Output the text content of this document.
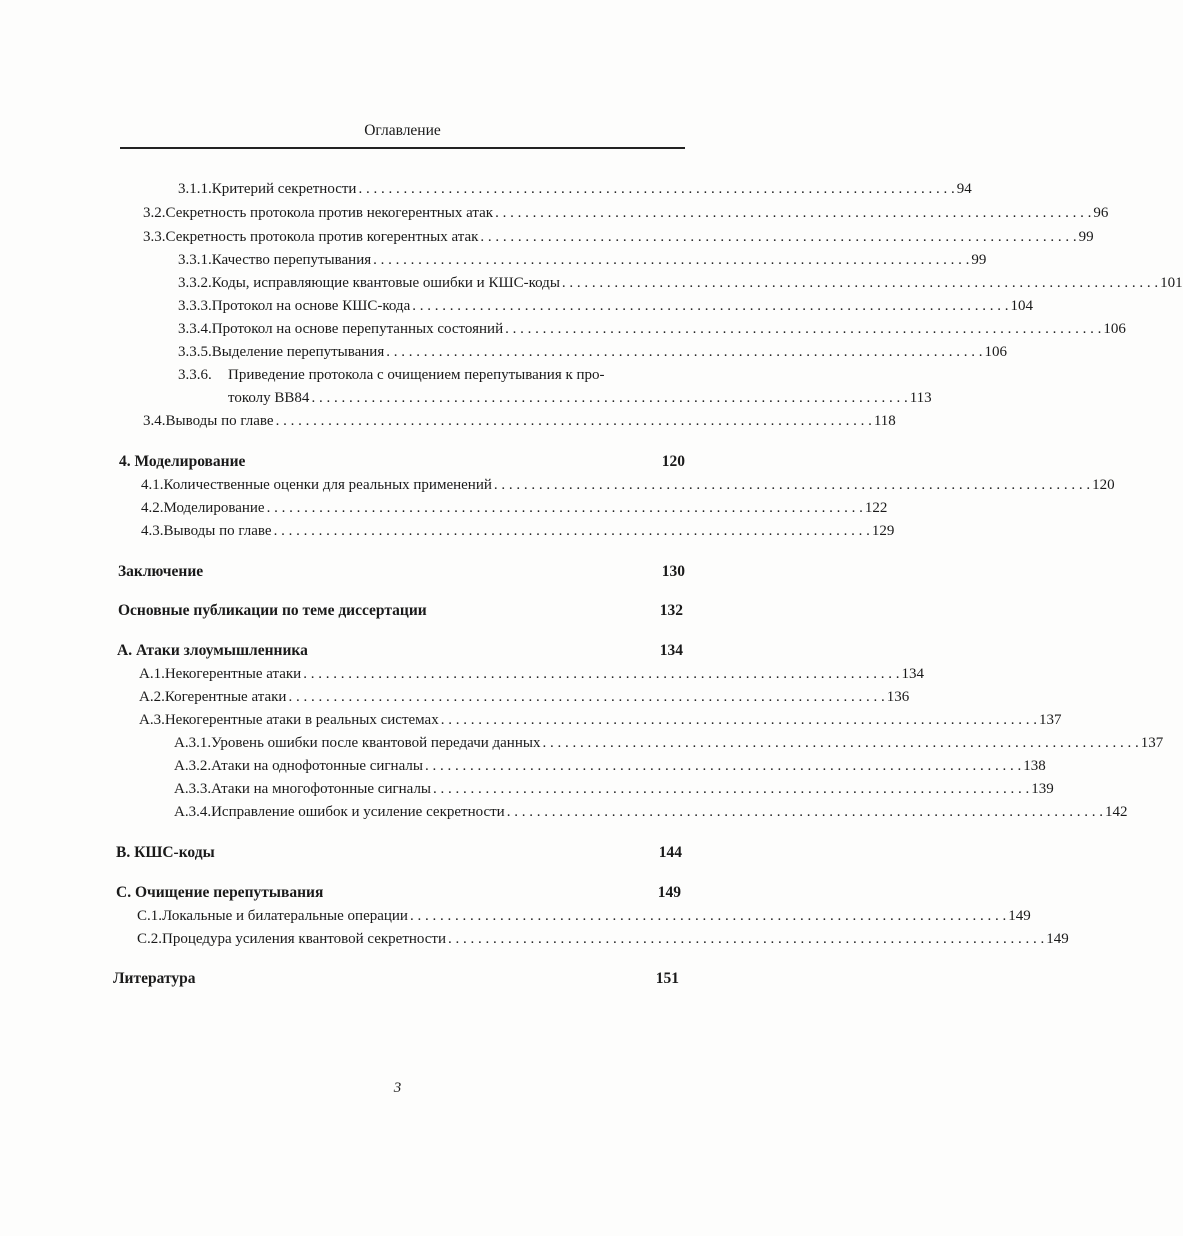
Оглавление
3.1.1. Критерий секретности . . . . . . . . . . . . . . . . . . . . . . . . . . . . . . . . . . . . . . . . . . . . . . . . . . . . . . . . . . . . . . . . . . . . . . . . . . . . . . . . 94
3.2. Секретность протокола против некогерентных атак . . . . . . . . . . . . . . . . . . . . . . . . . . . . . . . . . . . . . . . . . . . . . . . . . . . . . . . . . . . . . . . . . . . . . . . . . . . . . . . . 96
3.3. Секретность протокола против когерентных атак . . . . . . . . . . . . . . . . . . . . . . . . . . . . . . . . . . . . . . . . . . . . . . . . . . . . . . . . . . . . . . . . . . . . . . . . . . . . . . . . 99
3.3.1. Качество перепутывания . . . . . . . . . . . . . . . . . . . . . . . . . . . . . . . . . . . . . . . . . . . . . . . . . . . . . . . . . . . . . . . . . . . . . . . . . . . . . . . . 99
3.3.2. Коды, исправляющие квантовые ошибки и КШС-коды . . . . . . . . . . . . . . . . . . . . . . . . . . . . . . . . . . . . . . . . . . . . . . . . . . . . . . . . . . . . . . . . . . . . . . . . . . . . . . . . 101
3.3.3. Протокол на основе КШС-кода . . . . . . . . . . . . . . . . . . . . . . . . . . . . . . . . . . . . . . . . . . . . . . . . . . . . . . . . . . . . . . . . . . . . . . . . . . . . . . . . 104
3.3.4. Протокол на основе перепутанных состояний . . . . . . . . . . . . . . . . . . . . . . . . . . . . . . . . . . . . . . . . . . . . . . . . . . . . . . . . . . . . . . . . . . . . . . . . . . . . . . . . 106
3.3.5. Выделение перепутывания . . . . . . . . . . . . . . . . . . . . . . . . . . . . . . . . . . . . . . . . . . . . . . . . . . . . . . . . . . . . . . . . . . . . . . . . . . . . . . . . 106
3.3.6.	Приведение протокола с очищением перепутывания к про-
токолу BB84 . . . . . . . . . . . . . . . . . . . . . . . . . . . . . . . . . . . . . . . . . . . . . . . . . . . . . . . . . . . . . . . . . . . . . . . . . . . . . . . . 113
3.4. Выводы по главе . . . . . . . . . . . . . . . . . . . . . . . . . . . . . . . . . . . . . . . . . . . . . . . . . . . . . . . . . . . . . . . . . . . . . . . . . . . . . . . . 118
4. Моделирование	120
4.1. Количественные оценки для реальных применений . . . . . . . . . . . . . . . . . . . . . . . . . . . . . . . . . . . . . . . . . . . . . . . . . . . . . . . . . . . . . . . . . . . . . . . . . . . . . . . . 120
4.2. Моделирование . . . . . . . . . . . . . . . . . . . . . . . . . . . . . . . . . . . . . . . . . . . . . . . . . . . . . . . . . . . . . . . . . . . . . . . . . . . . . . . . 122
4.3. Выводы по главе . . . . . . . . . . . . . . . . . . . . . . . . . . . . . . . . . . . . . . . . . . . . . . . . . . . . . . . . . . . . . . . . . . . . . . . . . . . . . . . . 129
Заключение	130
Основные публикации по теме диссертации	132
A. Атаки злоумышленника	134
A.1. Некогерентные атаки . . . . . . . . . . . . . . . . . . . . . . . . . . . . . . . . . . . . . . . . . . . . . . . . . . . . . . . . . . . . . . . . . . . . . . . . . . . . . . . . 134
A.2. Когерентные атаки . . . . . . . . . . . . . . . . . . . . . . . . . . . . . . . . . . . . . . . . . . . . . . . . . . . . . . . . . . . . . . . . . . . . . . . . . . . . . . . . 136
A.3. Некогерентные атаки в реальных системах . . . . . . . . . . . . . . . . . . . . . . . . . . . . . . . . . . . . . . . . . . . . . . . . . . . . . . . . . . . . . . . . . . . . . . . . . . . . . . . . 137
A.3.1. Уровень ошибки после квантовой передачи данных . . . . . . . . . . . . . . . . . . . . . . . . . . . . . . . . . . . . . . . . . . . . . . . . . . . . . . . . . . . . . . . . . . . . . . . . . . . . . . . . 137
A.3.2. Атаки на однофотонные сигналы . . . . . . . . . . . . . . . . . . . . . . . . . . . . . . . . . . . . . . . . . . . . . . . . . . . . . . . . . . . . . . . . . . . . . . . . . . . . . . . . 138
A.3.3. Атаки на многофотонные сигналы . . . . . . . . . . . . . . . . . . . . . . . . . . . . . . . . . . . . . . . . . . . . . . . . . . . . . . . . . . . . . . . . . . . . . . . . . . . . . . . . 139
A.3.4. Исправление ошибок и усиление секретности . . . . . . . . . . . . . . . . . . . . . . . . . . . . . . . . . . . . . . . . . . . . . . . . . . . . . . . . . . . . . . . . . . . . . . . . . . . . . . . . 142
B. КШС-коды	144
C. Очищение перепутывания	149
C.1. Локальные и билатеральные операции . . . . . . . . . . . . . . . . . . . . . . . . . . . . . . . . . . . . . . . . . . . . . . . . . . . . . . . . . . . . . . . . . . . . . . . . . . . . . . . . 149
C.2. Процедура усиления квантовой секретности . . . . . . . . . . . . . . . . . . . . . . . . . . . . . . . . . . . . . . . . . . . . . . . . . . . . . . . . . . . . . . . . . . . . . . . . . . . . . . . . 149
Литература	151
3
